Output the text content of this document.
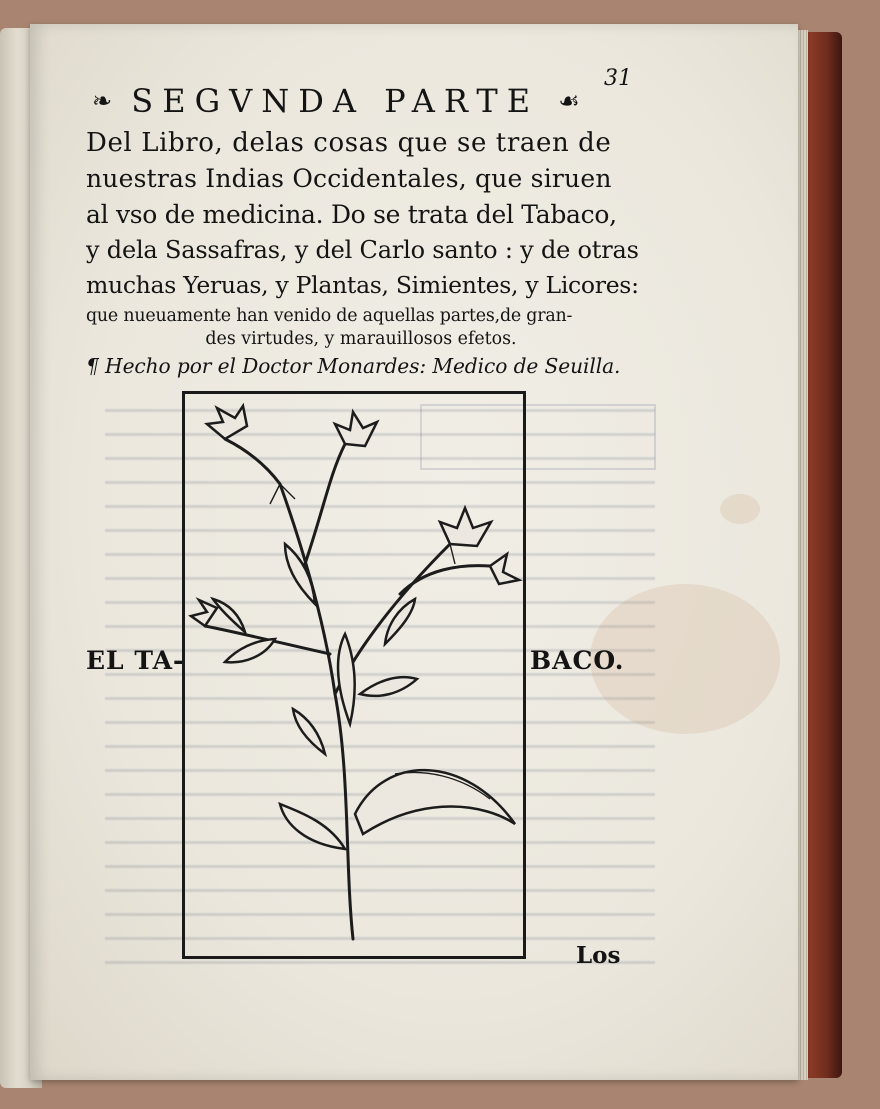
31
❧ SEGVNDA PARTE ☙
Del Libro, delas cosas que se traen de
nuestras Indias Occidentales, que siruen
al vso de medicina. Do se trata del Tabaco,
y dela Sassafras, y del Carlo santo : y de otras
muchas Yeruas, y Plantas, Simientes, y Licores:
que nueuamente han venido de aquellas partes,de gran-
des virtudes, y marauillosos efetos.
¶ Hecho por el Doctor Monardes: Medico de Seuilla.
EL TA-	BACO.
Los
